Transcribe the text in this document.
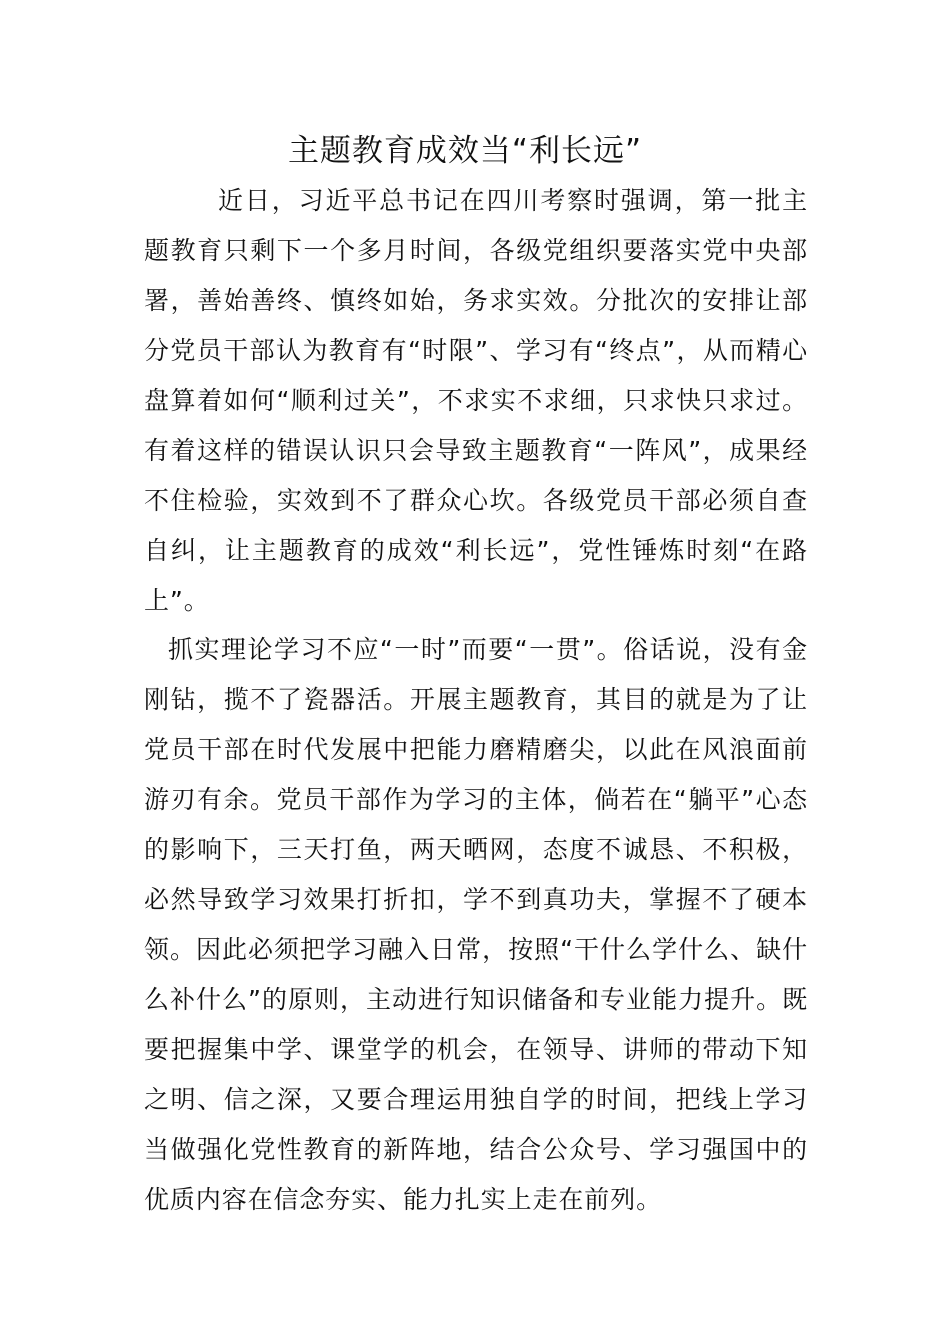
主题教育成效当“利长远”

近日，习近平总书记在四川考察时强调，第一批主题教育只剩下一个多月时间，各级党组织要落实党中央部署，善始善终、慎终如始，务求实效。分批次的安排让部分党员干部认为教育有“时限”、学习有“终点”，从而精心盘算着如何“顺利过关”，不求实不求细，只求快只求过。有着这样的错误认识只会导致主题教育“一阵风”，成果经不住检验，实效到不了群众心坎。各级党员干部必须自查自纠，让主题教育的成效“利长远”，党性锤炼时刻“在路上”。

抓实理论学习不应“一时”而要“一贯”。俗话说，没有金刚钻，揽不了瓷器活。开展主题教育，其目的就是为了让党员干部在时代发展中把能力磨精磨尖，以此在风浪面前游刃有余。党员干部作为学习的主体，倘若在“躺平”心态的影响下，三天打鱼，两天晒网，态度不诚恳、不积极，必然导致学习效果打折扣，学不到真功夫，掌握不了硬本领。因此必须把学习融入日常，按照“干什么学什么、缺什么补什么”的原则，主动进行知识储备和专业能力提升。既要把握集中学、课堂学的机会，在领导、讲师的带动下知之明、信之深，又要合理运用独自学的时间，把线上学习当做强化党性教育的新阵地，结合公众号、学习强国中的优质内容在信念夯实、能力扎实上走在前列。
